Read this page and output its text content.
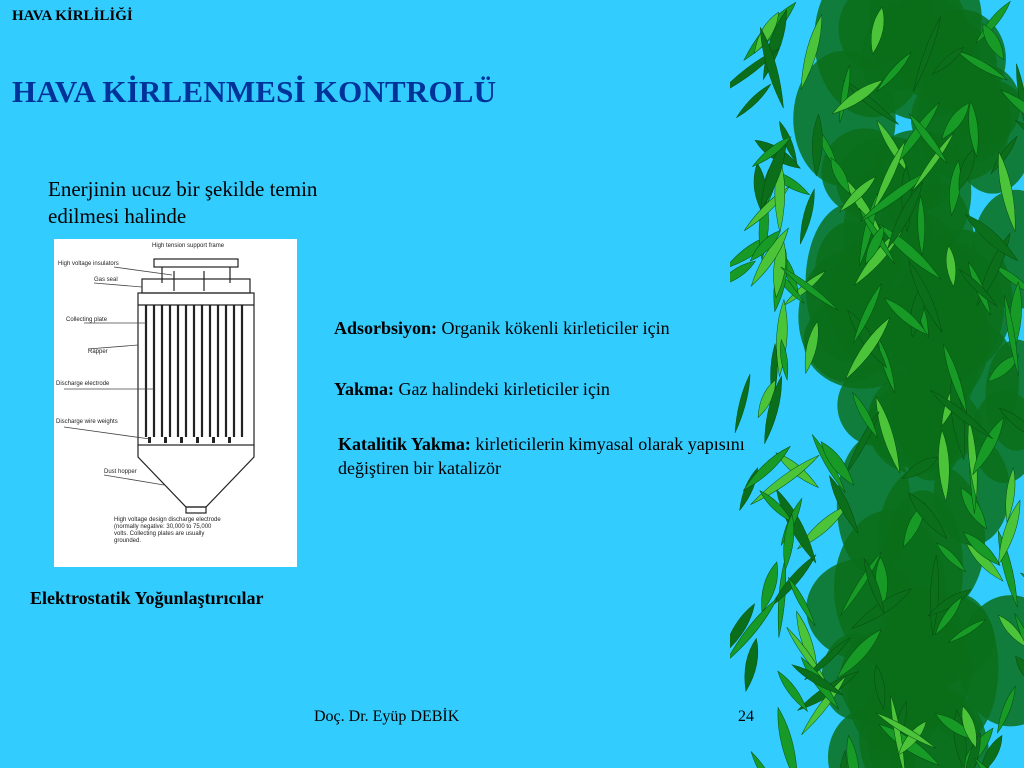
HAVA KİRLİLİĞİ
HAVA KİRLENMESİ KONTROLÜ
Enerjinin ucuz bir şekilde temin edilmesi halinde
High tension support frame
High voltage insulators
Gas seal
Collecting plate
Rapper
Discharge electrode
Discharge wire weights
Dust hopper
High voltage design discharge electrode
(normally negative: 30,000 to 75,000
volts. Collecting plates are usually
grounded.
Elektrostatik Yoğunlaştırıcılar
Adsorbsiyon: Organik kökenli kirleticiler için
Yakma: Gaz halindeki kirleticiler için
Katalitik Yakma: kirleticilerin kimyasal olarak yapısını değiştiren bir katalizör
Doç. Dr. Eyüp DEBİK	24
